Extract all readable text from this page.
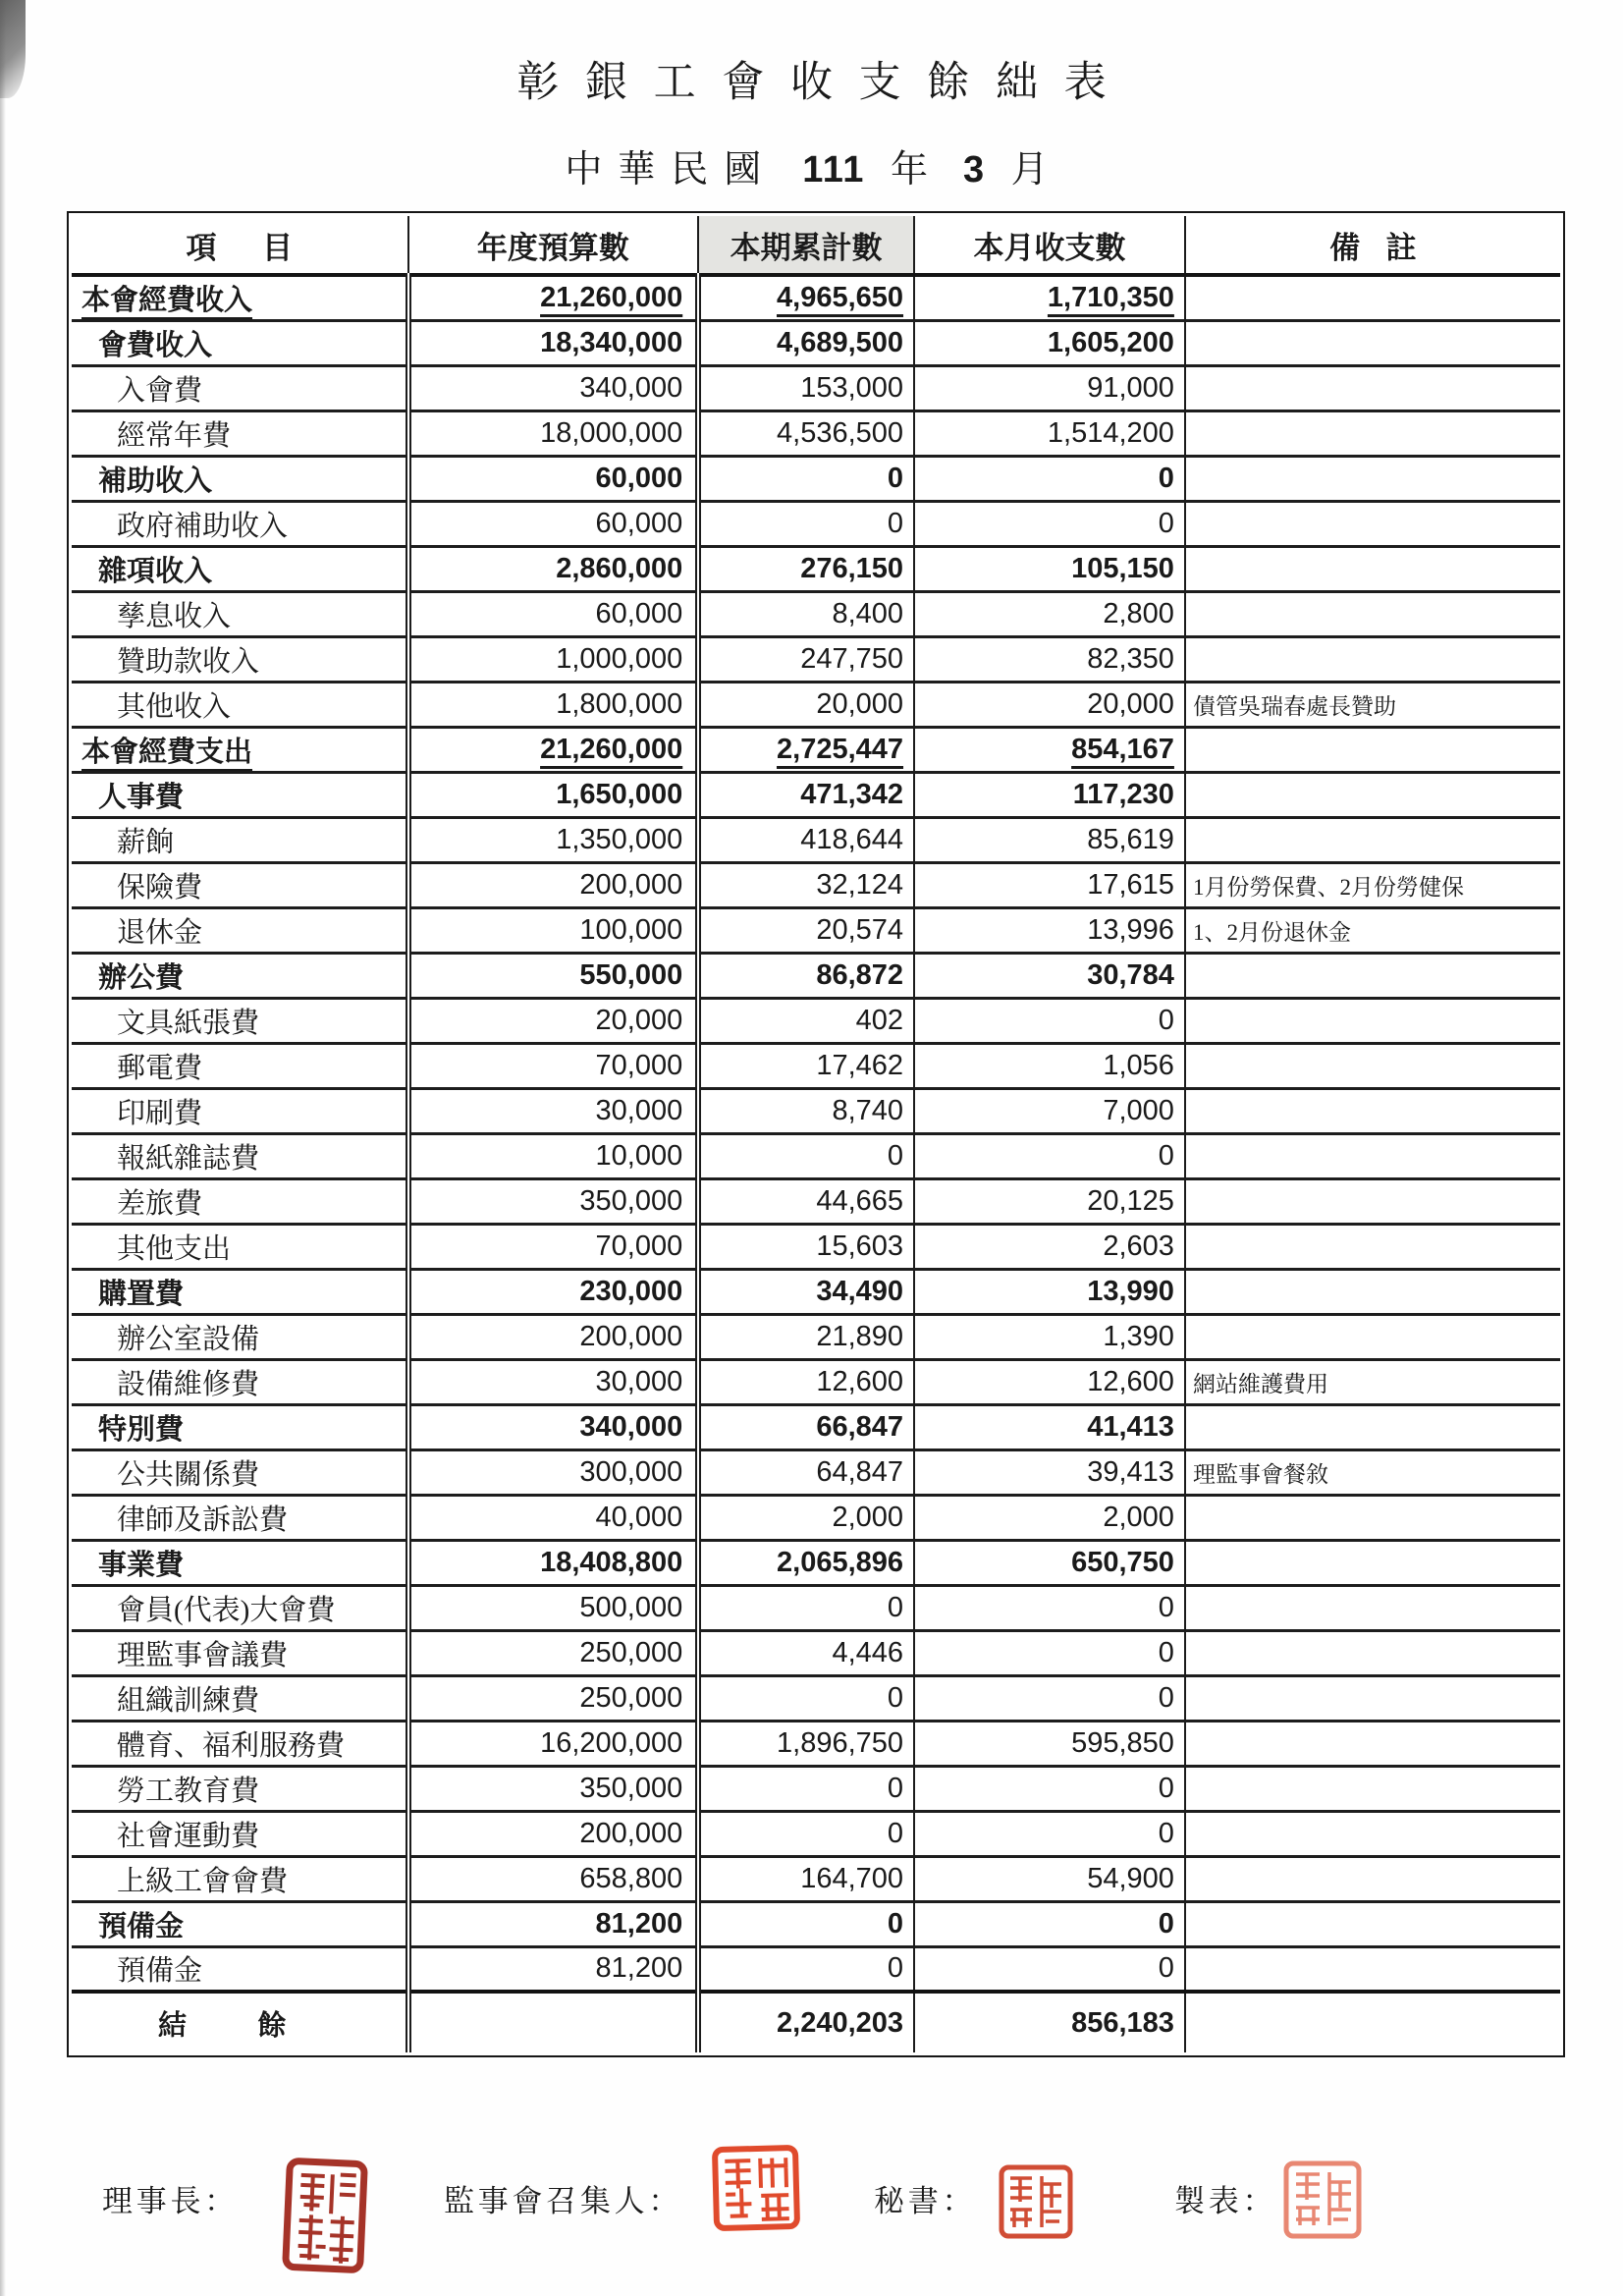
彰銀工會收支餘絀表
中華民國 111 年 3 月
項目	年度預算數	本期累計數	本月收支數	備註
本會經費收入	21,260,000	4,965,650	1,710,350	
會費收入	18,340,000	4,689,500	1,605,200	
入會費	340,000	153,000	91,000	
經常年費	18,000,000	4,536,500	1,514,200	
補助收入	60,000	0	0	
政府補助收入	60,000	0	0	
雜項收入	2,860,000	276,150	105,150	
孳息收入	60,000	8,400	2,800	
贊助款收入	1,000,000	247,750	82,350	
其他收入	1,800,000	20,000	20,000	債管吳瑞春處長贊助
本會經費支出	21,260,000	2,725,447	854,167	
人事費	1,650,000	471,342	117,230	
薪餉	1,350,000	418,644	85,619	
保險費	200,000	32,124	17,615	1月份勞保費、2月份勞健保
退休金	100,000	20,574	13,996	1、2月份退休金
辦公費	550,000	86,872	30,784	
文具紙張費	20,000	402	0	
郵電費	70,000	17,462	1,056	
印刷費	30,000	8,740	7,000	
報紙雜誌費	10,000	0	0	
差旅費	350,000	44,665	20,125	
其他支出	70,000	15,603	2,603	
購置費	230,000	34,490	13,990	
辦公室設備	200,000	21,890	1,390	
設備維修費	30,000	12,600	12,600	網站維護費用
特別費	340,000	66,847	41,413	
公共關係費	300,000	64,847	39,413	理監事會餐敘
律師及訴訟費	40,000	2,000	2,000	
事業費	18,408,800	2,065,896	650,750	
會員(代表)大會費	500,000	0	0	
理監事會議費	250,000	4,446	0	
組織訓練費	250,000	0	0	
體育、福利服務費	16,200,000	1,896,750	595,850	
勞工教育費	350,000	0	0	
社會運動費	200,000	0	0	
上級工會會費	658,800	164,700	54,900	
預備金	81,200	0	0	
預備金	81,200	0	0	
結餘		2,240,203	856,183	
理事長：	監事會召集人：	秘書：	製表：
